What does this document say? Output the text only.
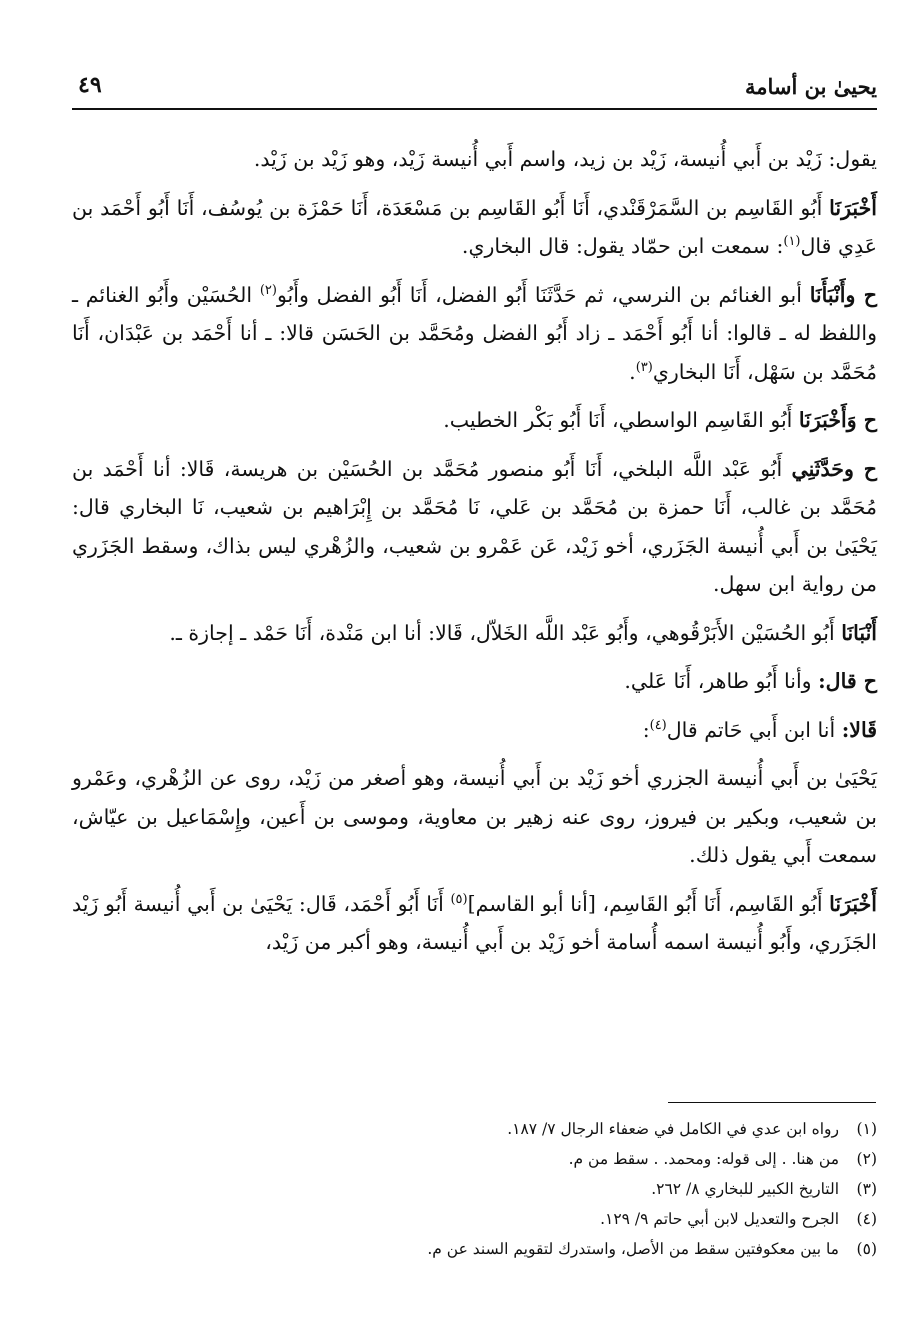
يحيىٰ بن أسامة
٤٩

يقول: زَيْد بن أَبي أُنيسة، زَيْد بن زيد، واسم أَبي أُنيسة زَيْد، وهو زَيْد بن زَيْد.

أَخْبَرَنَا أَبُو القَاسِم بن السَّمَرْقَنْدي، أَنَا أَبُو القَاسِم بن مَسْعَدَة، أَنَا حَمْزَة بن يُوسُف، أَنَا أَبُو أَحْمَد بن عَدِي قال$^{(١)}$: سمعت ابن حمّاد يقول: قال البخاري.

ح وأَنْبَأَنَا أبو الغنائم بن النرسي، ثم حَدَّثَنَا أَبُو الفضل، أَنَا أَبُو الفضل وأَبُو$^{(٢)}$ الحُسَيْن وأَبُو الغنائم ـ واللفظ له ـ قالوا: أنا أَبُو أَحْمَد ـ زاد أَبُو الفضل ومُحَمَّد بن الحَسَن قالا: ـ أنا أَحْمَد بن عَبْدَان، أَنَا مُحَمَّد بن سَهْل، أَنَا البخاري$^{(٣)}$.

ح وَأَخْبَرَنَا أَبُو القَاسِم الواسطي، أَنَا أَبُو بَكْر الخطيب.

ح وحَدَّثَنِي أَبُو عَبْد اللَّه البلخي، أَنَا أَبُو منصور مُحَمَّد بن الحُسَيْن بن هريسة، قَالا: أنا أَحْمَد بن مُحَمَّد بن غالب، أَنَا حمزة بن مُحَمَّد بن عَلي، نَا مُحَمَّد بن إِبْرَاهيم بن شعيب، نَا البخاري قال: يَحْيَىٰ بن أَبي أُنيسة الجَزَري، أخو زَيْد، عَن عَمْرو بن شعيب، والزُهْري ليس بذاك، وسقط الجَزَري من رواية ابن سهل.

أَنْبَانَا أَبُو الحُسَيْن الأَبَرْقُوهي، وأَبُو عَبْد اللَّه الخَلاّل، قَالا: أنا ابن مَنْدة، أَنَا حَمْد ـ إجازة ـ.

ح قال: وأنا أَبُو طاهر، أَنَا عَلي.

قَالا: أنا ابن أَبي حَاتم قال$^{(٤)}$:

يَحْيَىٰ بن أَبي أُنيسة الجزري أخو زَيْد بن أَبي أُنيسة، وهو أصغر من زَيْد، روى عن الزُهْري، وعَمْرو بن شعيب، وبكير بن فيروز، روى عنه زهير بن معاوية، وموسى بن أَعين، وإِسْمَاعيل بن عيّاش، سمعت أَبي يقول ذلك.

أَخْبَرَنَا أَبُو القَاسِم، أَنَا أَبُو القَاسِم، [أنا أبو القاسم]$^{(٥)}$ أَنَا أَبُو أَحْمَد، قَال: يَحْيَىٰ بن أَبي أُنيسة أَبُو زَيْد الجَزَري، وأَبُو أُنيسة اسمه أُسامة أخو زَيْد بن أَبي أُنيسة، وهو أكبر من زَيْد،

(١)رواه ابن عدي في الكامل في ضعفاء الرجال ٧/ ١٨٧.
(٢)من هنا. . إلى قوله: ومحمد. . سقط من م.
(٣)التاريخ الكبير للبخاري ٨/ ٢٦٢.
(٤)الجرح والتعديل لابن أبي حاتم ٩/ ١٢٩.
(٥)ما بين معكوفتين سقط من الأصل، واستدرك لتقويم السند عن م.
